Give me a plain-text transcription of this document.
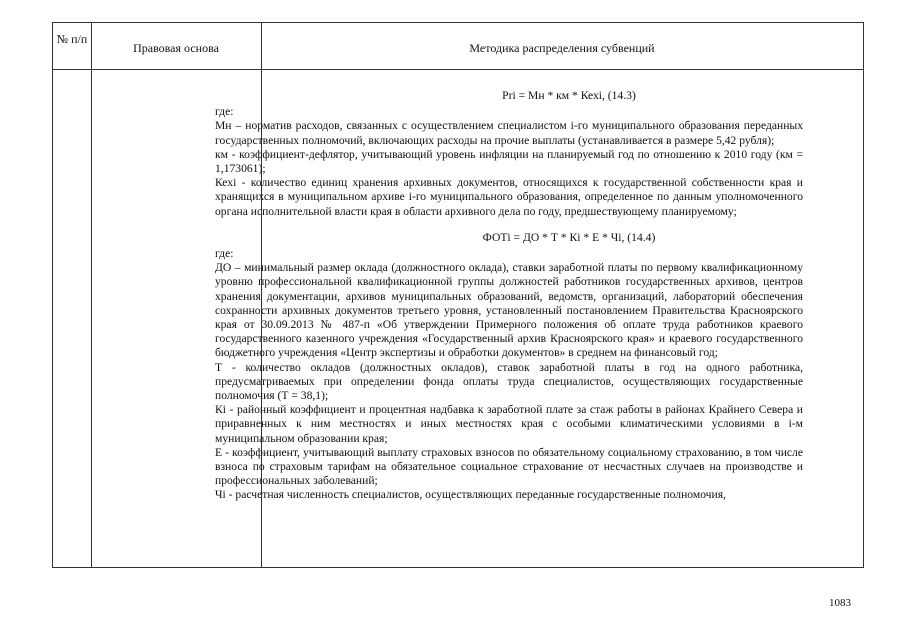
№ п/п
Правовая основа	Методика распределения субвенций

Рri = Мн * км * Кехi, (14.3)

где:

Мн – норматив расходов, связанных с осуществлением специалистом i-го муниципального образования переданных государственных полномочий, включающих расходы на прочие выплаты (устанавливается в размере 5,42 рубля);

км - коэффициент-дефлятор, учитывающий уровень инфляции на планируемый год по отношению к 2010 году (км = 1,173061);

Кехi - количество единиц хранения архивных документов, относящихся к государственной собственности края и хранящихся в муниципальном архиве i-го муниципального образования, определенное по данным уполномоченного органа исполнительной власти края в области архивного дела по году, предшествующему планируемому;

ФОТi = ДО * Т * Кi * Е * Чi, (14.4)

где:

ДО – минимальный размер оклада (должностного оклада), ставки заработной платы по первому квалификационному уровню профессиональной квалификационной группы должностей работников государственных архивов, центров хранения документации, архивов муниципальных образований, ведомств, организаций, лабораторий обеспечения сохранности архивных документов третьего уровня, установленный постановлением Правительства Красноярского края от 30.09.2013 № 487-п «Об утверждении Примерного положения об оплате труда работников краевого государственного казенного учреждения «Государственный архив Красноярского края» и краевого государственного бюджетного учреждения «Центр экспертизы и обработки документов» в среднем на финансовый год;

Т - количество окладов (должностных окладов), ставок заработной платы в год на одного работника, предусматриваемых при определении фонда оплаты труда специалистов, осуществляющих государственные полномочия (Т = 38,1);

Кi - районный коэффициент и процентная надбавка к заработной плате за стаж работы в районах Крайнего Севера и приравненных к ним местностях и иных местностях края с особыми климатическими условиями в i-м муниципальном образовании края;

Е - коэффициент, учитывающий выплату страховых взносов по обязательному социальному страхованию, в том числе взноса по страховым тарифам на обязательное социальное страхование от несчастных случаев на производстве и профессиональных заболеваний;

Чi - расчетная численность специалистов, осуществляющих переданные государственные полномочия,

1083
